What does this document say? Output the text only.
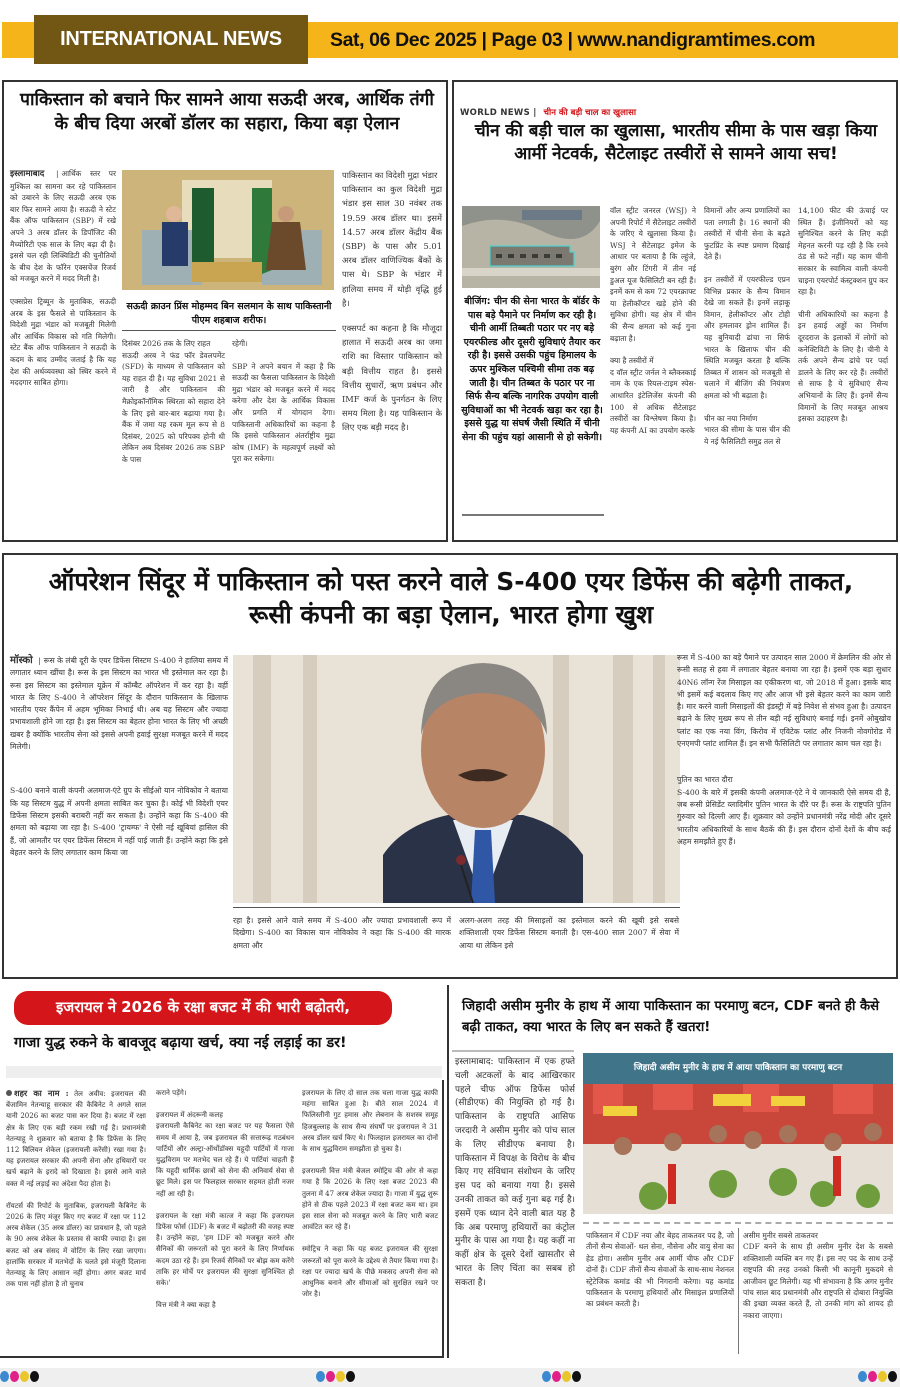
INTERNATIONAL NEWS	Sat, 06 Dec 2025 | Page 03 | www.nandigramtimes.com
पाकिस्तान को बचाने फिर सामने आया सऊदी अरब, आर्थिक तंगी के बीच दिया अरबों डॉलर का सहारा, किया बड़ा ऐलान

इस्लामाबाद | आर्थिक स्तर पर मुश्किल का सामना कर रहे पाकिस्तान को उबारने के लिए सऊदी अरब एक बार फिर सामने आया है। सऊदी ने स्टेट बैंक ऑफ पाकिस्तान (SBP) में रखे अपने 3 अरब डॉलर के डिपॉजिट की मैच्योरिटी एक साल के लिए बढ़ा दी है। इससे चल रही लिक्विडिटी की चुनौतियों के बीच देश के फॉरेन एक्सचेंज रिजर्व को मजबूत करने में मदद मिली है।

एक्सप्रेस ट्रिब्यून के मुताबिक, सऊदी अरब के इस फैसले से पाकिस्तान के विदेशी मुद्रा भंडार को मजबूती मिलेगी और आर्थिक विकास को गति मिलेगी। स्टेट बैंक ऑफ पाकिस्तान ने सऊदी के कदम के बाद उम्मीद जताई है कि यह देश की अर्थव्यवस्था को स्थिर करने में मददगार साबित होगा।

सऊदी क्राउन प्रिंस मोहम्मद बिन सलमान के साथ पाकिस्तानी पीएम शहबाज शरीफ।
दिसंबर 2026 तक के लिए राहत
सऊदी अरब ने फंड फॉर डेवलपमेंट (SFD) के माध्यम से पाकिस्तान को यह राहत दी है। यह सुविधा 2021 से जारी है और पाकिस्तान की मैक्रोइकॉनॉमिक स्थिरता को सहारा देने के लिए इसे बार-बार बढ़ाया गया है। बैंक में जमा यह रकम मूल रूप से 8 दिसंबर, 2025 को परिपक्व होनी थी लेकिन अब दिसंबर 2026 तक SBP के पास
रहेगी।
SBP ने अपने बयान में कहा है कि सऊदी का फैसला पाकिस्तान के विदेशी मुद्रा भंडार को मजबूत करने में मदद करेगा और देश के आर्थिक विकास और प्रगति में योगदान देगा। पाकिस्तानी अधिकारियों का कहना है कि इससे पाकिस्तान अंतर्राष्ट्रीय मुद्रा कोष (IMF) के महत्वपूर्ण लक्ष्यों को पूरा कर सकेगा।
पाकिस्तान का विदेशी मुद्रा भंडार
पाकिस्तान का कुल विदेशी मुद्रा भंडार इस साल 30 नवंबर तक 19.59 अरब डॉलर था। इसमें 14.57 अरब डॉलर केंद्रीय बैंक (SBP) के पास और 5.01 अरब डॉलर वाणिज्यिक बैंकों के पास थे। SBP के भंडार में हालिया समय में थोड़ी वृद्धि हुई है।
एक्सपर्ट का कहना है कि मौजूदा हालात में सऊदी अरब का जमा राशि का विस्तार पाकिस्तान को बड़ी वित्तीय राहत है। इससे वित्तीय सुधारों, ऋण प्रबंधन और IMF कर्ज के पुनर्गठन के लिए समय मिला है। यह पाकिस्तान के लिए एक बड़ी मदद है।
WORLD NEWS | चीन की बड़ी चाल का खुलासा
चीन की बड़ी चाल का खुलासा, भारतीय सीमा के पास खड़ा किया आर्मी नेटवर्क, सैटेलाइट तस्वीरों से सामने आया सच!
बीजिंग: चीन की सेना भारत के बॉर्डर के पास बड़े पैमाने पर निर्माण कर रही है। चीनी आर्मी तिब्बती पठार पर नए बड़े एयरफील्ड और दूसरी सुविधाएं तैयार कर रही है। इससे उसकी पहुंच हिमालय के ऊपर मुश्किल पश्चिमी सीमा तक बढ़ जाती है। चीन तिब्बत के पठार पर ना सिर्फ सैन्य बल्कि नागरिक उपयोग वाली सुविधाओं का भी नेटवर्क खड़ा कर रहा है। इससे युद्ध या संघर्ष जैसी स्थिति में चीनी सेना की पहुंच यहां आसानी से हो सकेगी।
वॉल स्ट्रीट जनरल (WSJ) ने अपनी रिपोर्ट में सैटेलाइट तस्वीरों के जरिए ये खुलासा किया है। WSJ ने सैटेलाइट इमेज के आधार पर बताया है कि ल्हुंजे, बुरंग और टिंगरी में तीन नई डुअल यूज फैसिलिटी बन रही हैं। इनमें कम से कम 72 एयरक्राफ्ट या हेलीकॉप्टर खड़े होने की सुविधा होगी। यह क्षेत्र में चीन की सैन्य क्षमता को कई गुना बढ़ाता है।
क्या है तस्वीरों में
द वॉल स्ट्रीट जर्नल ने ब्लैकस्काई नाम के एक रियल-टाइम स्पेस-आधारित इंटेलिजेंस कंपनी की 100 से अधिक सैटेलाइट तस्वीरों का विश्लेषण किया है। यह कंपनी AI का उपयोग करके
विमानों और अन्य प्रणालियों का पता लगाती है। 16 स्थानों की तस्वीरों में चीनी सेना के बढ़ते फुटप्रिंट के स्पष्ट प्रमाण दिखाई देते हैं।
इन तस्वीरों में एयरफील्ड एप्रन विभिन्न प्रकार के सैन्य विमान देखे जा सकते हैं। इनमें लड़ाकू विमान, हेलीकॉप्टर और टोही और हमलावर ड्रोन शामिल हैं। यह बुनियादी ढांचा ना सिर्फ भारत के खिलाफ चीन की स्थिति मजबूत करता है बल्कि तिब्बत में शासन को मजबूती से चलाने में बीजिंग की नियंत्रण क्षमता को भी बढ़ाता है।
चीन का नया निर्माण
भारत की सीमा के पास चीन की ये नई फैसिलिटी समुद्र तल से
14,100 फीट की ऊंचाई पर स्थित हैं। इंजीनियरों को यह सुनिश्चित करने के लिए कड़ी मेहनत करनी पड़ रही है कि रनवे ठंड से फटे नहीं। यह काम चीनी सरकार के स्वामित्व वाली कंपनी चाइना एयरपोर्ट कंस्ट्रक्शन ग्रुप कर रहा है।
चीनी अधिकारियों का कहना है इन हवाई अड्डों का निर्माण दूरदराज के इलाकों में लोगों को कनेक्टिविटी के लिए है। चीनी ये तर्क अपने सैन्य ढांचे पर पर्दा डालने के लिए कर रहे हैं। तस्वीरों से साफ है ये सुविधाएं सैन्य अभियानों के लिए हैं। इनमें सैन्य विमानों के लिए मजबूत आश्रय इसका उदाहरण है।
ऑपरेशन सिंदूर में पाकिस्तान को पस्त करने वाले S-400 एयर डिफेंस की बढ़ेगी ताकत, रूसी कंपनी का बड़ा ऐलान, भारत होगा खुश

मॉस्को | रूस के लंबी दूरी के एयर डिफेंस सिस्टम S-400 ने हालिया समय में लगातार ध्यान खींचा है। रूस के इस सिस्टम का भारत भी इस्तेमाल कर रहा है। रूस इस सिस्टम का इस्तेमाल यूक्रेन में कॉम्बैट ऑपरेशन में कर रहा है। वहीं भारत के लिए S-400 ने ऑपरेशन सिंदूर के दौरान पाकिस्तान के खिलाफ भारतीय एयर कैंपेन में अहम भूमिका निभाई थी। अब यह सिस्टम और ज्यादा प्रभावशाली होने जा रहा है। इस सिस्टम का बेहतर होना भारत के लिए भी अच्छी खबर है क्योंकि भारतीय सेना को इससे अपनी हवाई सुरक्षा मजबूत करने में मदद मिलेगी।

S-400 बनाने वाली कंपनी अलमाज-एंटे ग्रुप के सीईओ यान नोविकोव ने बताया कि यह सिस्टम युद्ध में अपनी क्षमता साबित कर चुका है। कोई भी विदेशी एयर डिफेंस सिस्टम इसकी बराबरी नहीं कर सकता है। उन्होंने कहा कि S-400 की क्षमता को बढ़ाया जा रहा है। S-400 'ट्रायम्फ' ने ऐसी नई खूबियां हासिल की हैं, जो आमतौर पर एयर डिफेंस सिस्टम में नहीं पाई जाती हैं। उन्होंने कहा कि इसे बेहतर करने के लिए लगातार काम किया जा
रहा है। इससे आने वाले समय में S-400 और ज्यादा प्रभावशाली रूप में दिखेगा। S-400 का विकास यान नोविकोव ने कहा कि S-400 की मारक क्षमता और
अलग-अलग तरह की मिसाइलों का इस्तेमाल करने की खूबी इसे सबसे शक्तिशाली एयर डिफेंस सिस्टम बनाती है। एस-400 साल 2007 में सेवा में आया था लेकिन इसे
रूस में S-400 का बड़े पैमाने पर उत्पादन साल 2000 में क्रेमलिन की ओर से रूसी सतह से हवा में लगातार बेहतर बनाया जा रहा है। इसमें एक बड़ा सुधार 40N6 लॉन्ग रेंज मिसाइल का एकीकरण था, जो 2018 में हुआ। इसके बाद भी इसमें कई बदलाव किए गए और आज भी इसे बेहतर करने का काम जारी है। मार करने वाली मिसाइलों की इंडस्ट्री में बड़े निवेश से संभव हुआ है। उत्पादन बढ़ाने के लिए मुख्य रूप से तीन बड़ी नई सुविधाएं बनाई गईं। इनमें ओबुखोव प्लांट का एक नया विंग, किरोव में एविटेक प्लांट और निजनी नोवगोरोड में एनएमपी प्लांट शामिल हैं। इन सभी फैसिलिटी पर लगातार काम चल रहा है।
पुतिन का भारत दौरा
S-400 के बारे में इसकी कंपनी अलमाज-एंटे ने ये जानकारी ऐसे समय दी है, जब रूसी प्रेसिडेंट व्लादिमीर पुतिन भारत के दौरे पर हैं। रूस के राष्ट्रपति पुतिन गुरुवार को दिल्ली आए हैं। शुक्रवार को उन्होंने प्रधानमंत्री नरेंद्र मोदी और दूसरे भारतीय अधिकारियों के साथ बैठकें की हैं। इस दौरान दोनों देशों के बीच कई अहम समझौते हुए हैं।
इजरायल ने 2026 के रक्षा बजट में की भारी बढ़ोतरी,
गाजा युद्ध रुकने के बावजूद बढ़ाया खर्च, क्या नई लड़ाई का डर!

शहर का नाम : तेल अवीव: इजरायल की बेंजामिन नेतन्याहू सरकार की कैबिनेट ने अगले साल यानी 2026 का बजट पास कर दिया है। बजट में रक्षा क्षेत्र के लिए एक बड़ी रकम रखी गई है। प्रधानमंत्री नेतन्याहू ने शुक्रवार को बताया है कि डिफेंस के लिए 112 बिलियन शेकेल (इजरायली करेंसी) रखा गया है। यह इजरायल सरकार की अपनी सेना और हथियारों पर खर्च बढ़ाने के इरादे को दिखाता है। इससे आने वाले वक्त में नई लड़ाई का अंदेशा पैदा होता है।

रॉयटर्स की रिपोर्ट के मुताबिक, इजरायली कैबिनेट के 2026 के लिए मंजूर किए गए बजट में रक्षा पर 112 अरब शेकेल (35 अरब डॉलर) का प्रावधान है, जो पहले के 90 अरब शेकेल के प्रस्ताव से काफी ज्यादा है। इस बजट को अब संसद में वोटिंग के लिए रखा जाएगा। हालांकि सरकार में मतभेदों के चलते इसे मंजूरी दिलाना नेतन्याहू के लिए आसान नहीं होगा। अगर बजट मार्च तक पास नहीं होता है तो चुनाव

कराने पड़ेंगे।
इजरायल में अंदरूनी कलह
इजरायली कैबिनेट का रक्षा बजट पर यह फैसला ऐसे समय में आया है, जब इजरायल की सत्तारूढ़ गठबंधन पार्टियों और अल्ट्रा-ऑर्थोडॉक्स यहूदी पार्टियों में गाजा युद्धविराम पर मतभेद चल रहे हैं। ये पार्टियां चाहती हैं कि यहूदी धार्मिक छात्रों को सेना की अनिवार्य सेवा से छूट मिले। इस पर फिलहाल सरकार सहमत होती नजर नहीं आ रही है।
इजरायल के रक्षा मंत्री कात्ज ने कहा कि इजरायल डिफेंस फोर्स (IDF) के बजट में बढ़ोतरी की वजह स्पष्ट है। उन्होंने कहा, 'हम IDF को मजबूत करने और सैनिकों की जरूरतों को पूरा करने के लिए निर्णायक कदम उठा रहे हैं। हम रिजर्व सैनिकों पर बोझ कम करेंगे ताकि हर मोर्चे पर इजरायल की सुरक्षा सुनिश्चित हो सके।'
वित्त मंत्री ने क्या कहा है
इजरायल के लिए दो साल तक चला गाजा युद्ध काफी महंगा साबित हुआ है। बीते साल 2024 में फिलिस्तीनी गुट हमास और लेबनान के सशस्त्र समूह हिजबुल्लाह के साथ सैन्य संघर्षों पर इजरायल ने 31 अरब डॉलर खर्च किए थे। फिलहाल इजरायल का दोनों के साथ युद्धविराम समझौता हो चुका है।
इजरायली वित्त मंत्री बेजल स्मोट्रिच की ओर से कहा गया है कि 2026 के लिए रक्षा बजट 2023 की तुलना में 47 अरब शेकेल ज्यादा है। गाजा में युद्ध शुरू होने से ठीक पहले 2023 में रक्षा बजट कम था। हम इस साल सेना को मजबूत करने के लिए भारी बजट आवंटित कर रहे हैं।
स्मोट्रिच ने कहा कि यह बजट इजरायल की सुरक्षा जरूरतों को पूरा करने के उद्देश्य से तैयार किया गया है। रक्षा पर ज्यादा खर्च के पीछे मकसद अपनी सेना को आधुनिक बनाने और सीमाओं को सुरक्षित रखने पर जोर है।
जिहादी असीम मुनीर के हाथ में आया पाकिस्तान का परमाणु बटन, CDF बनते ही कैसे बढ़ी ताकत, क्या भारत के लिए बन सकते हैं खतरा!
इस्लामाबाद: पाकिस्तान में एक हफ्ते चली अटकलों के बाद आखिरकार पहले चीफ ऑफ डिफेंस फोर्स (सीडीएफ) की नियुक्ति हो गई है। पाकिस्तान के राष्ट्रपति आसिफ जरदारी ने असीम मुनीर को पांच साल के लिए सीडीएफ बनाया है। पाकिस्तान में विपक्ष के विरोध के बीच किए गए संविधान संशोधन के जरिए इस पद को बनाया गया है। इससे उनकी ताकत को कई गुना बढ़ गई है। इसमें एक ध्यान देने वाली बात यह है कि अब परमाणु हथियारों का कंट्रोल मुनीर के पास आ गया है। यह कहीं ना कहीं क्षेत्र के दूसरे देशों खासतौर से भारत के लिए चिंता का सबब हो सकता है।
जिहादी असीम मुनीर के हाथ में आया पाकिस्तान का परमाणु बटन
पाकिस्तान में CDF नया और बेहद ताकतवर पद है, जो तीनों सैन्य सेवाओं- थल सेना, नौसेना और वायु सेना का हेड होगा। असीम मुनीर अब आर्मी चीफ और CDF दोनों हैं। CDF तीनों सैन्य सेवाओं के साथ-साथ नेशनल स्ट्रेटेजिक कमांड की भी निगरानी करेगा। यह कमांड पाकिस्तान के परमाणु हथियारों और मिसाइल प्रणालियों का प्रबंधन करती है।
असीम मुनीर सबसे ताकतवर
CDF बनने के साथ ही असीम मुनीर देश के सबसे शक्तिशाली व्यक्ति बन गए हैं। इस नए पद के साथ उन्हें राष्ट्रपति की तरह उनको किसी भी कानूनी मुकदमे से आजीवन छूट मिलेगी। यह भी संभावना है कि अगर मुनीर पांच साल बाद प्रधानमंत्री और राष्ट्रपति से दोबारा नियुक्ति की इच्छा व्यक्त करते हैं, तो उनकी मांग को शायद ही नकारा जाएगा।
